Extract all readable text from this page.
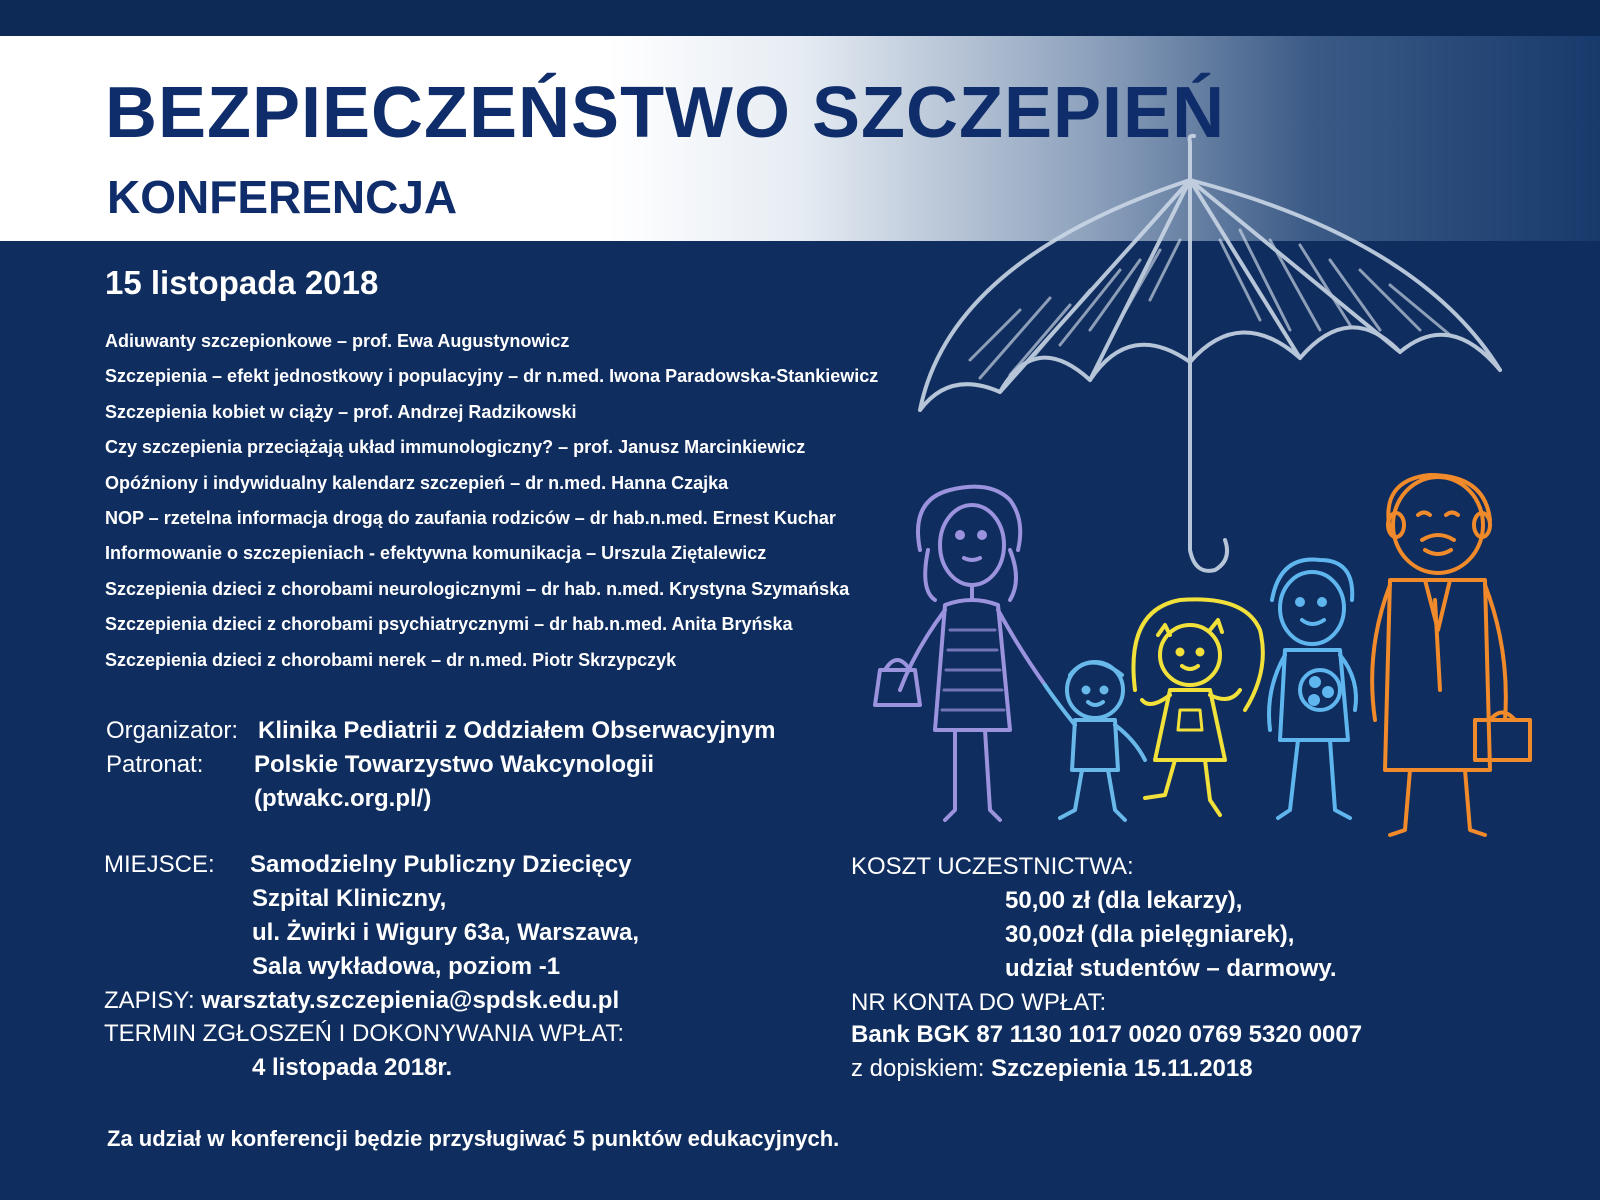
BEZPIECZEŃSTWO SZCZEPIEŃ
KONFERENCJA
15 listopada 2018
Adiuwanty szczepionkowe – prof. Ewa Augustynowicz
Szczepienia – efekt jednostkowy i populacyjny – dr n.med. Iwona Paradowska-Stankiewicz
Szczepienia kobiet w ciąży – prof. Andrzej Radzikowski
Czy szczepienia przeciążają układ immunologiczny? – prof. Janusz Marcinkiewicz
Opóźniony i indywidualny kalendarz szczepień – dr n.med. Hanna Czajka
NOP – rzetelna informacja drogą do zaufania rodziców – dr hab.n.med. Ernest Kuchar
Informowanie o szczepieniach - efektywna komunikacja – Urszula Ziętalewicz
Szczepienia dzieci z chorobami neurologicznymi – dr hab. n.med. Krystyna Szymańska
Szczepienia dzieci z chorobami psychiatrycznymi – dr hab.n.med. Anita Bryńska
Szczepienia dzieci z chorobami nerek – dr n.med. Piotr Skrzypczyk
Organizator: Klinika Pediatrii z Oddziałem Obserwacyjnym
Patronat: Polskie Towarzystwo Wakcynologii
(ptwakc.org.pl/)
MIEJSCE: Samodzielny Publiczny Dziecięcy
Szpital Kliniczny,
ul. Żwirki i Wigury 63a, Warszawa,
Sala wykładowa, poziom -1
ZAPISY: warsztaty.szczepienia@spdsk.edu.pl
TERMIN ZGŁOSZEŃ I DOKONYWANIA WPŁAT:
4 listopada 2018r.
KOSZT UCZESTNICTWA:
50,00 zł (dla lekarzy),
30,00zł (dla pielęgniarek),
udział studentów – darmowy.
NR KONTA DO WPŁAT:
Bank BGK 87 1130 1017 0020 0769 5320 0007
z dopiskiem: Szczepienia 15.11.2018
Za udział w konferencji będzie przysługiwać 5 punktów edukacyjnych.
